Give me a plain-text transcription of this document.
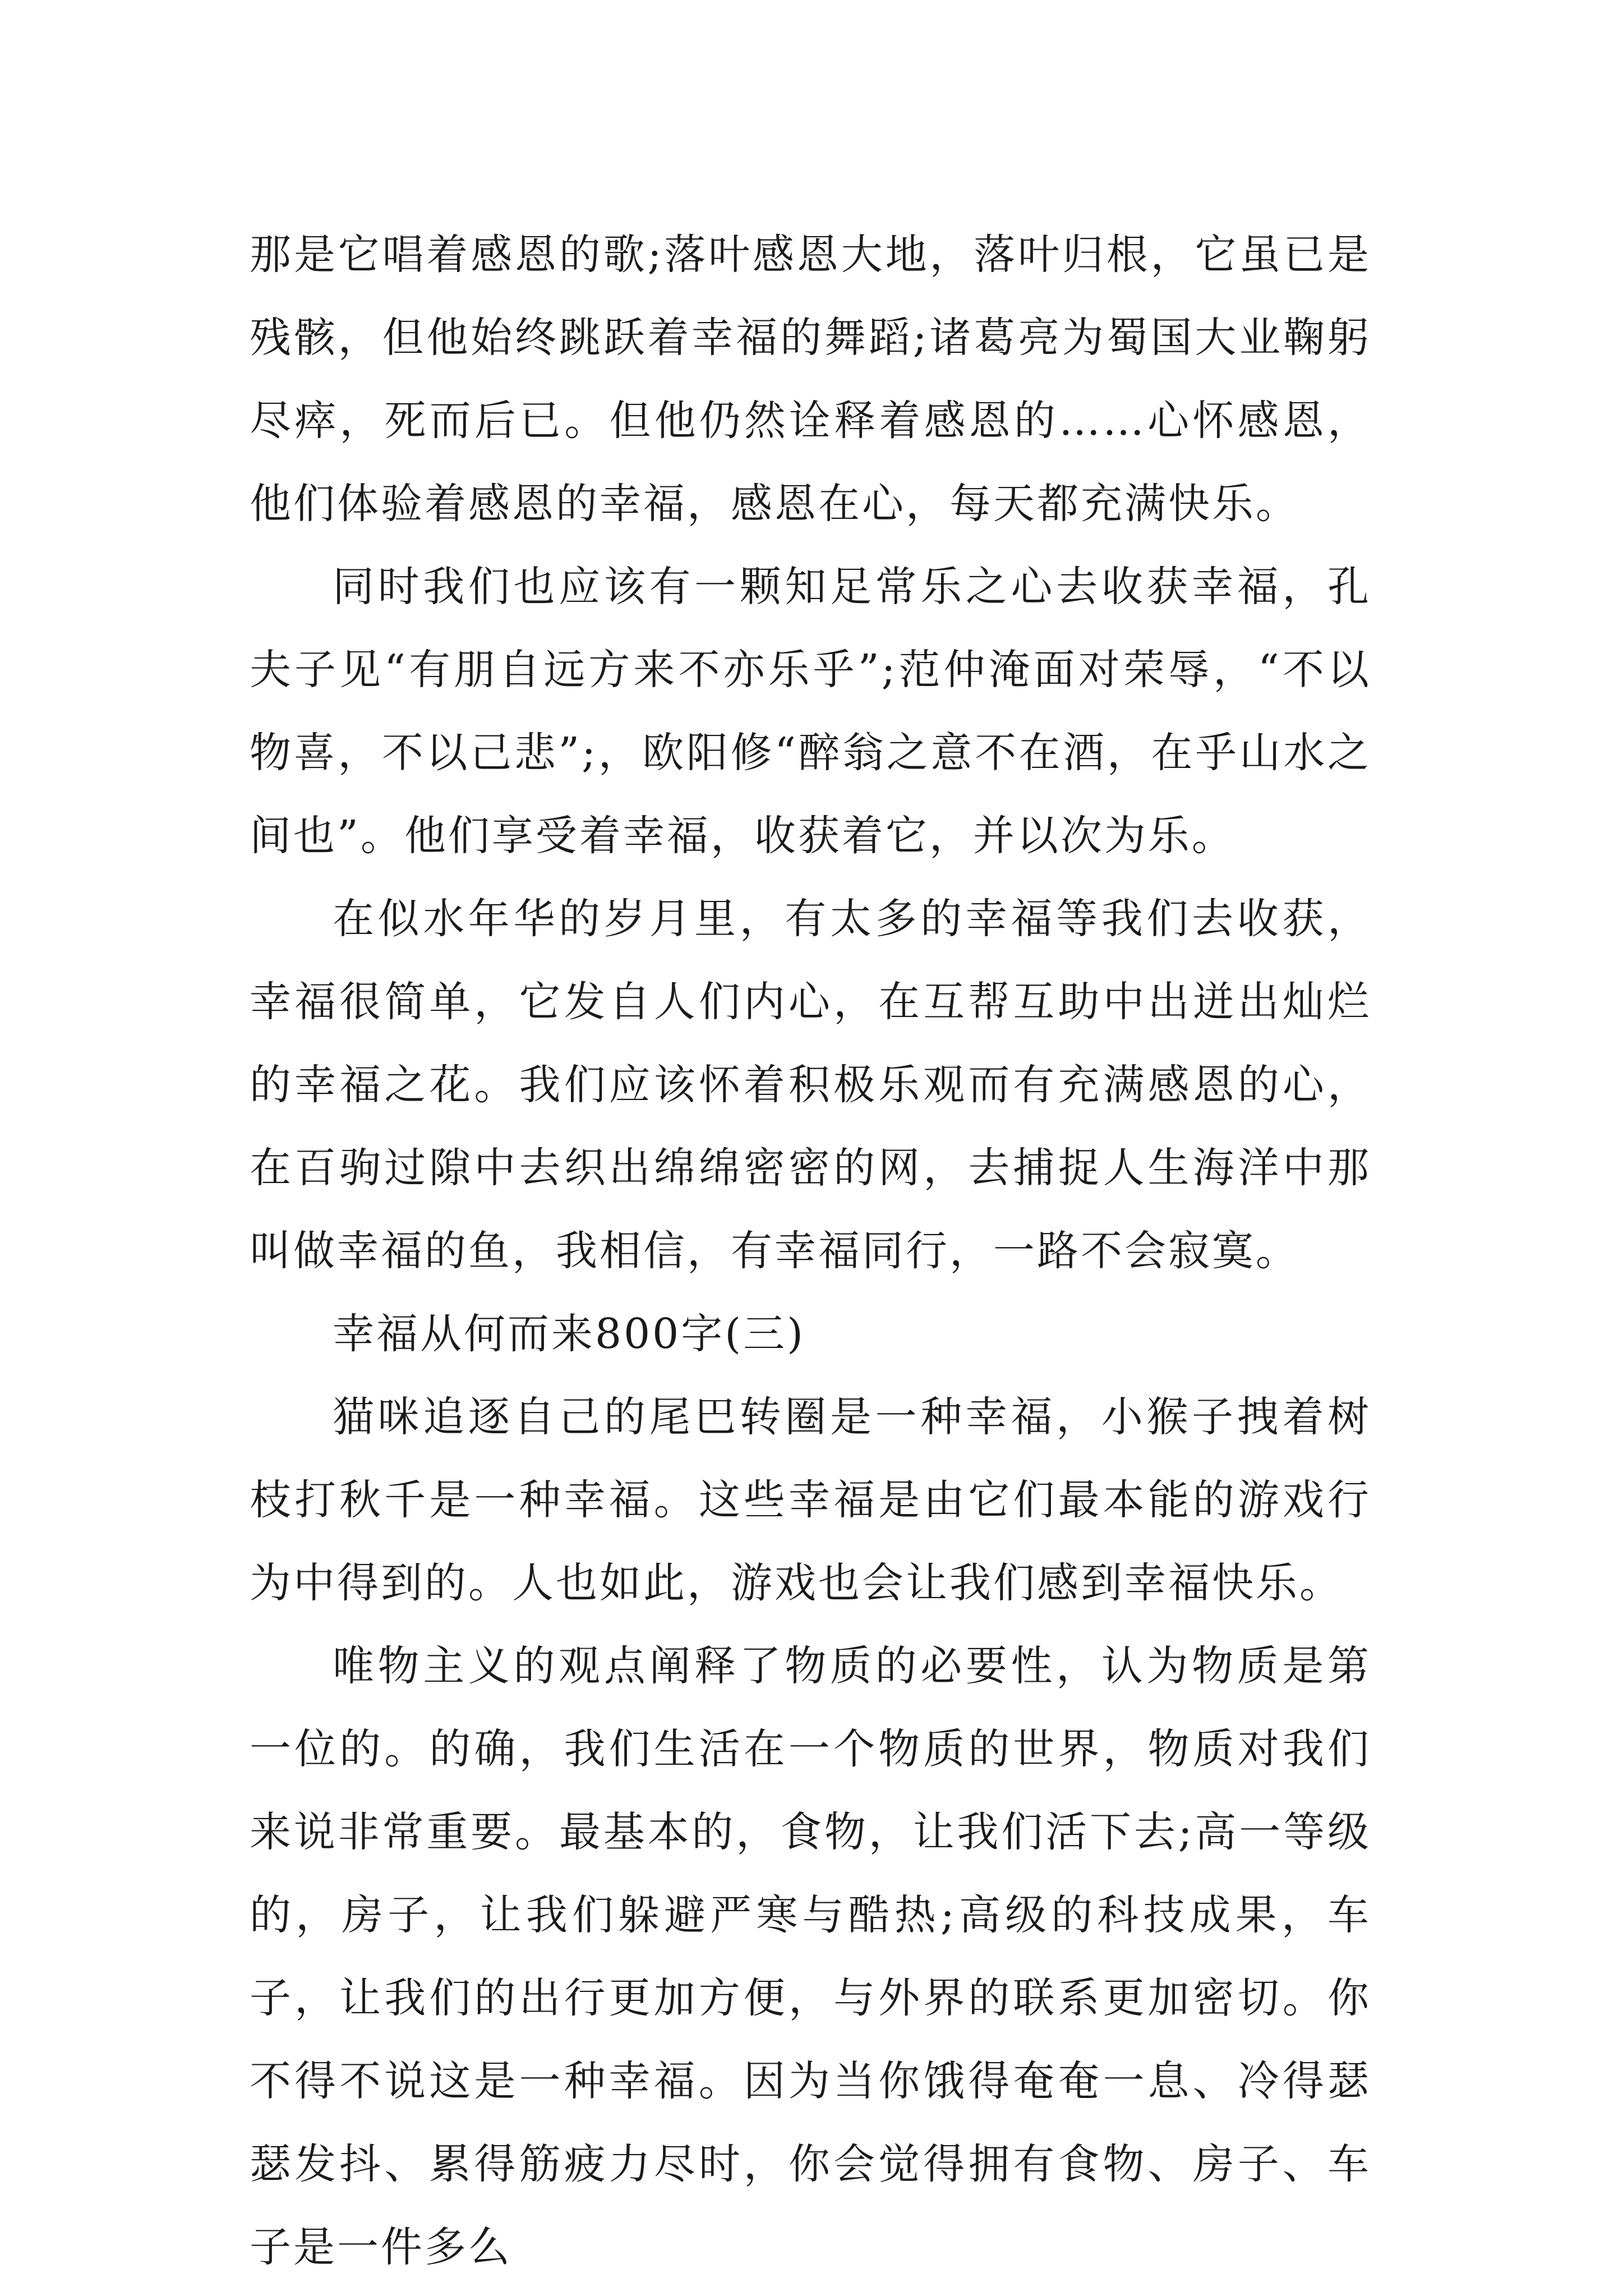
那是它唱着感恩的歌;落叶感恩大地，落叶归根，它虽已是残骸，但他始终跳跃着幸福的舞蹈;诸葛亮为蜀国大业鞠躬尽瘁，死而后已。但他仍然诠释着感恩的……心怀感恩，他们体验着感恩的幸福，感恩在心，每天都充满快乐。

同时我们也应该有一颗知足常乐之心去收获幸福，孔夫子见“有朋自远方来不亦乐乎”;范仲淹面对荣辱，“不以物喜，不以己悲”;，欧阳修“醉翁之意不在酒，在乎山水之间也”。他们享受着幸福，收获着它，并以次为乐。

在似水年华的岁月里，有太多的幸福等我们去收获，幸福很简单，它发自人们内心，在互帮互助中出迸出灿烂的幸福之花。我们应该怀着积极乐观而有充满感恩的心，在百驹过隙中去织出绵绵密密的网，去捕捉人生海洋中那叫做幸福的鱼，我相信，有幸福同行，一路不会寂寞。

幸福从何而来800字(三)

猫咪追逐自己的尾巴转圈是一种幸福，小猴子拽着树枝打秋千是一种幸福。这些幸福是由它们最本能的游戏行为中得到的。人也如此，游戏也会让我们感到幸福快乐。

唯物主义的观点阐释了物质的必要性，认为物质是第一位的。的确，我们生活在一个物质的世界，物质对我们来说非常重要。最基本的，食物，让我们活下去;高一等级的，房子，让我们躲避严寒与酷热;高级的科技成果，车子，让我们的出行更加方便，与外界的联系更加密切。你不得不说这是一种幸福。因为当你饿得奄奄一息、冷得瑟瑟发抖、累得筋疲力尽时，你会觉得拥有食物、房子、车子是一件多么
